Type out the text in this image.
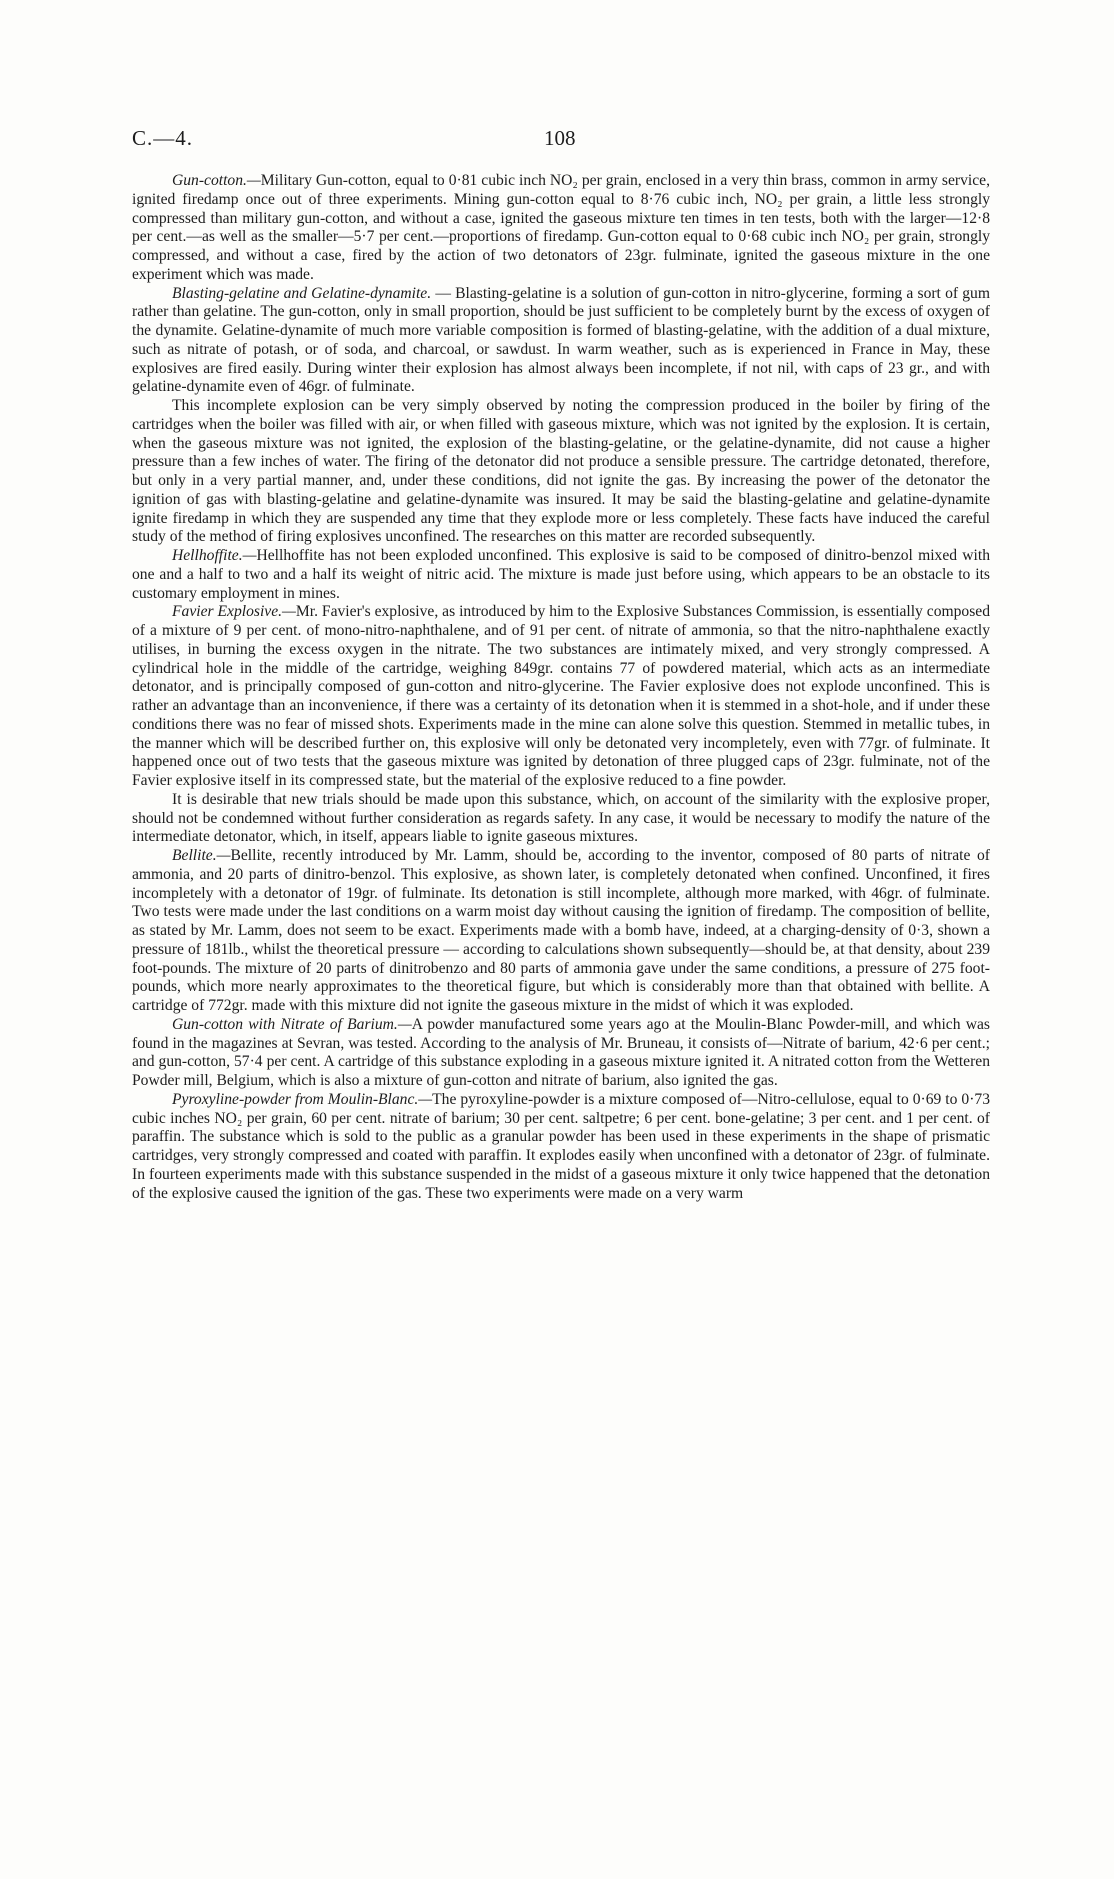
C.—4.	108

Gun-cotton.—Military Gun-cotton, equal to 0·81 cubic inch NO₂ per grain, enclosed in a very thin brass, common in army service, ignited firedamp once out of three experiments. Mining gun-cotton equal to 8·76 cubic inch, NO₂ per grain, a little less strongly compressed than military gun-cotton, and without a case, ignited the gaseous mixture ten times in ten tests, both with the larger—12·8 per cent.—as well as the smaller—5·7 per cent.—proportions of firedamp. Gun-cotton equal to 0·68 cubic inch NO₂ per grain, strongly compressed, and without a case, fired by the action of two detonators of 23gr. fulminate, ignited the gaseous mixture in the one experiment which was made.

Blasting-gelatine and Gelatine-dynamite. — Blasting-gelatine is a solution of gun-cotton in nitro-glycerine, forming a sort of gum rather than gelatine. The gun-cotton, only in small proportion, should be just sufficient to be completely burnt by the excess of oxygen of the dynamite. Gelatine-dynamite of much more variable composition is formed of blasting-gelatine, with the addition of a dual mixture, such as nitrate of potash, or of soda, and charcoal, or sawdust. In warm weather, such as is experienced in France in May, these explosives are fired easily. During winter their explosion has almost always been incomplete, if not nil, with caps of 23 gr., and with gelatine-dynamite even of 46gr. of fulminate.

This incomplete explosion can be very simply observed by noting the compression produced in the boiler by firing of the cartridges when the boiler was filled with air, or when filled with gaseous mixture, which was not ignited by the explosion. It is certain, when the gaseous mixture was not ignited, the explosion of the blasting-gelatine, or the gelatine-dynamite, did not cause a higher pressure than a few inches of water. The firing of the detonator did not produce a sensible pressure. The cartridge detonated, therefore, but only in a very partial manner, and, under these conditions, did not ignite the gas. By increasing the power of the detonator the ignition of gas with blasting-gelatine and gelatine-dynamite was insured. It may be said the blasting-gelatine and gelatine-dynamite ignite firedamp in which they are suspended any time that they explode more or less completely. These facts have induced the careful study of the method of firing explosives unconfined. The researches on this matter are recorded subsequently.

Hellhoffite.—Hellhoffite has not been exploded unconfined. This explosive is said to be composed of dinitro-benzol mixed with one and a half to two and a half its weight of nitric acid. The mixture is made just before using, which appears to be an obstacle to its customary employment in mines.

Favier Explosive.—Mr. Favier's explosive, as introduced by him to the Explosive Substances Commission, is essentially composed of a mixture of 9 per cent. of mono-nitro-naphthalene, and of 91 per cent. of nitrate of ammonia, so that the nitro-naphthalene exactly utilises, in burning the excess oxygen in the nitrate. The two substances are intimately mixed, and very strongly compressed. A cylindrical hole in the middle of the cartridge, weighing 849gr. contains 77 of powdered material, which acts as an intermediate detonator, and is principally composed of gun-cotton and nitro-glycerine. The Favier explosive does not explode unconfined. This is rather an advantage than an inconvenience, if there was a certainty of its detonation when it is stemmed in a shot-hole, and if under these conditions there was no fear of missed shots. Experiments made in the mine can alone solve this question. Stemmed in metallic tubes, in the manner which will be described further on, this explosive will only be detonated very incompletely, even with 77gr. of fulminate. It happened once out of two tests that the gaseous mixture was ignited by detonation of three plugged caps of 23gr. fulminate, not of the Favier explosive itself in its compressed state, but the material of the explosive reduced to a fine powder.

It is desirable that new trials should be made upon this substance, which, on account of the similarity with the explosive proper, should not be condemned without further consideration as regards safety. In any case, it would be necessary to modify the nature of the intermediate detonator, which, in itself, appears liable to ignite gaseous mixtures.

Bellite.—Bellite, recently introduced by Mr. Lamm, should be, according to the inventor, composed of 80 parts of nitrate of ammonia, and 20 parts of dinitro-benzol. This explosive, as shown later, is completely detonated when confined. Unconfined, it fires incompletely with a detonator of 19gr. of fulminate. Its detonation is still incomplete, although more marked, with 46gr. of fulminate. Two tests were made under the last conditions on a warm moist day without causing the ignition of firedamp. The composition of bellite, as stated by Mr. Lamm, does not seem to be exact. Experiments made with a bomb have, indeed, at a charging-density of 0·3, shown a pressure of 181lb., whilst the theoretical pressure — according to calculations shown subsequently—should be, at that density, about 239 foot-pounds. The mixture of 20 parts of dinitrobenzo and 80 parts of ammonia gave under the same conditions, a pressure of 275 foot-pounds, which more nearly approximates to the theoretical figure, but which is considerably more than that obtained with bellite. A cartridge of 772gr. made with this mixture did not ignite the gaseous mixture in the midst of which it was exploded.

Gun-cotton with Nitrate of Barium.—A powder manufactured some years ago at the Moulin-Blanc Powder-mill, and which was found in the magazines at Sevran, was tested. According to the analysis of Mr. Bruneau, it consists of—Nitrate of barium, 42·6 per cent.; and gun-cotton, 57·4 per cent. A cartridge of this substance exploding in a gaseous mixture ignited it. A nitrated cotton from the Wetteren Powder mill, Belgium, which is also a mixture of gun-cotton and nitrate of barium, also ignited the gas.

Pyroxyline-powder from Moulin-Blanc.—The pyroxyline-powder is a mixture composed of—Nitro-cellulose, equal to 0·69 to 0·73 cubic inches NO₂ per grain, 60 per cent. nitrate of barium; 30 per cent. saltpetre; 6 per cent. bone-gelatine; 3 per cent. and 1 per cent. of paraffin. The substance which is sold to the public as a granular powder has been used in these experiments in the shape of prismatic cartridges, very strongly compressed and coated with paraffin. It explodes easily when unconfined with a detonator of 23gr. of fulminate. In fourteen experiments made with this substance suspended in the midst of a gaseous mixture it only twice happened that the detonation of the explosive caused the ignition of the gas. These two experiments were made on a very warm
